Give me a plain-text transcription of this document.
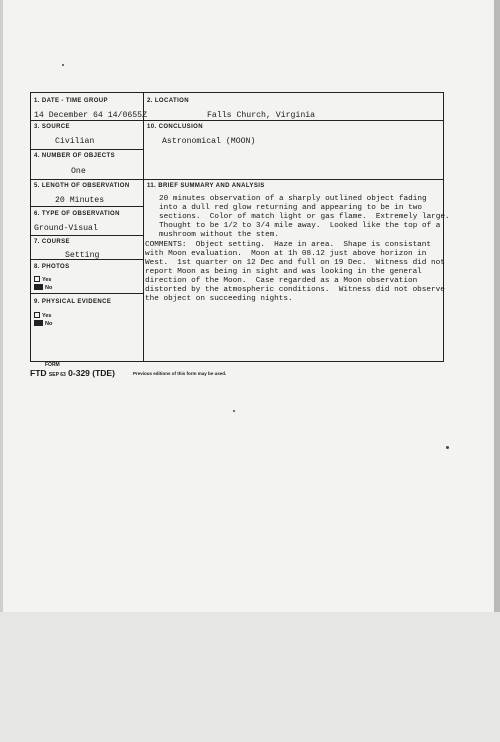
1. DATE - TIME GROUP
14 December 64 14/0655Z
2. LOCATION
Falls Church, Virginia
3. SOURCE
Civilian
10. CONCLUSION
Astronomical (MOON)
4. NUMBER OF OBJECTS
One
5. LENGTH OF OBSERVATION
20 Minutes
11. BRIEF SUMMARY AND ANALYSIS
20 minutes observation of a sharply outlined object fading
into a dull red glow returning and appearing to be in two
sections.  Color of match light or gas flame.  Extremely large.
Thought to be 1/2 to 3/4 mile away.  Looked like the top of a
mushroom without the stem.
COMMENTS:  Object setting.  Haze in area.  Shape is consistant
with Moon evaluation.  Moon at 1h 08.12 just above horizon in
West.  1st quarter on 12 Dec and full on 19 Dec.  Witness did not
report Moon as being in sight and was looking in the general
direction of the Moon.  Case regarded as a Moon observation
distorted by the atmospheric conditions.  Witness did not observe
the object on succeeding nights.
6. TYPE OF OBSERVATION
Ground-Visual
7. COURSE
Setting
8. PHOTOS
Yes
No
9. PHYSICAL EVIDENCE
Yes
No
FORM
FTD SEP 63 0-329 (TDE)	Previous editions of this form may be used.
